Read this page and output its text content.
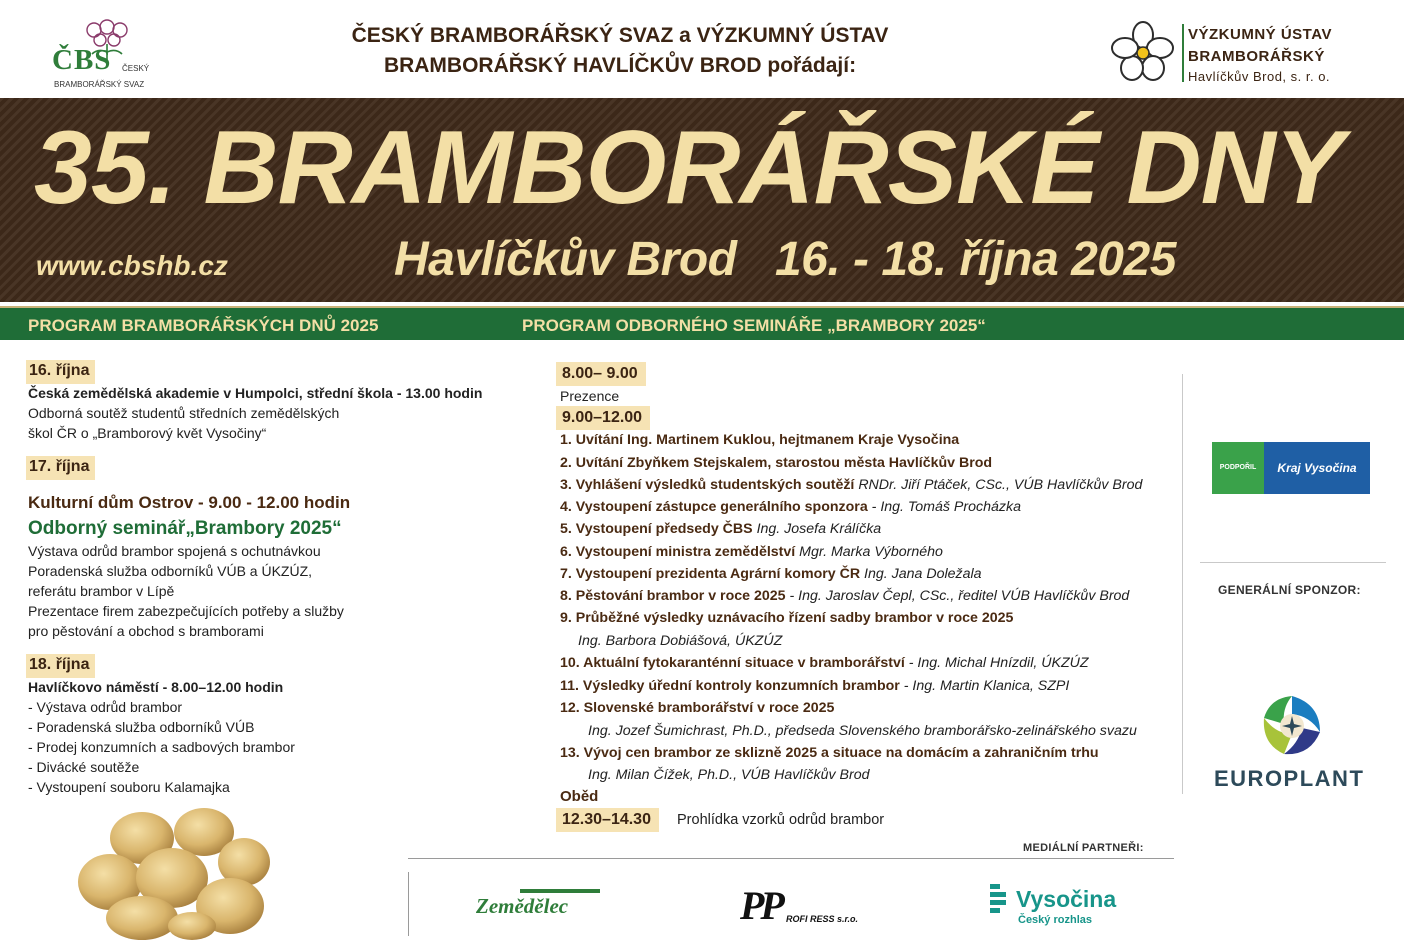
ČBS ČESKÝ
BRAMBORÁŘSKÝ SVAZ
ČESKÝ BRAMBORÁŘSKÝ SVAZ a VÝZKUMNÝ ÚSTAV
BRAMBORÁŘSKÝ HAVLÍČKŮV BROD pořádají:
VÝZKUMNÝ ÚSTAV
BRAMBORÁŘSKÝ
Havlíčkův Brod, s. r. o.
35. BRAMBORÁŘSKÉ DNY
www.cbshb.cz	Havlíčkův Brod   16. - 18. října 2025
PROGRAM BRAMBORÁŘSKÝCH DNŮ 2025	PROGRAM ODBORNÉHO SEMINÁŘE „BRAMBORY 2025“
16. října
Česká zemědělská akademie v Humpolci, střední škola - 13.00 hodin
Odborná soutěž studentů středních zemědělských
škol ČR o „Bramborový květ Vysočiny“
17. října
Kulturní dům Ostrov - 9.00 - 12.00 hodin
Odborný seminář„Brambory 2025“
Výstava odrůd brambor spojená s ochutnávkou
Poradenská služba odborníků VÚB a ÚKZÚZ,
referátu brambor v Lípě
Prezentace firem zabezpečujících potřeby a služby
pro pěstování a obchod s bramborami
18. října
Havlíčkovo náměstí - 8.00–12.00 hodin
- Výstava odrůd brambor
- Poradenská služba odborníků VÚB
- Prodej konzumních a sadbových brambor
- Divácké soutěže
- Vystoupení souboru Kalamajka
8.00– 9.00
Prezence
9.00–12.00
1. Uvítání Ing. Martinem Kuklou, hejtmanem Kraje Vysočina
2. Uvítání Zbyňkem Stejskalem, starostou města Havlíčkův Brod
3. Vyhlášení výsledků studentských soutěží RNDr. Jiří Ptáček, CSc., VÚB Havlíčkův Brod
4. Vystoupení zástupce generálního sponzora - Ing. Tomáš Procházka
5. Vystoupení předsedy ČBS Ing. Josefa Králíčka
6. Vystoupení ministra zemědělství Mgr. Marka Výborného
7. Vystoupení prezidenta Agrární komory ČR Ing. Jana Doležala
8. Pěstování brambor v roce 2025 - Ing. Jaroslav Čepl, CSc., ředitel VÚB Havlíčkův Brod
9. Průběžné výsledky uznávacího řízení sadby brambor v roce 2025
Ing. Barbora Dobiášová, ÚKZÚZ
10. Aktuální fytokaranténní situace v bramborářství - Ing. Michal Hnízdil, ÚKZÚZ
11. Výsledky úřední kontroly konzumních brambor - Ing. Martin Klanica, SZPI
12. Slovenské bramborářství v roce 2025
Ing. Jozef Šumichrast, Ph.D., předseda Slovenského bramborářsko-zelinářského svazu
13. Vývoj cen brambor ze sklizně 2025 a situace na domácím a zahraničním trhu
Ing. Milan Čížek, Ph.D., VÚB Havlíčkův Brod
Oběd
12.30–14.30	Prohlídka vzorků odrůd brambor
PODPOŘIL	Kraj Vysočina
GENERÁLNÍ SPONZOR:
EUROPLANT
MEDIÁLNÍ PARTNEŘI:
Zemědělec	PP ROFI RESS s.r.o.
Vysočina
Český rozhlas
